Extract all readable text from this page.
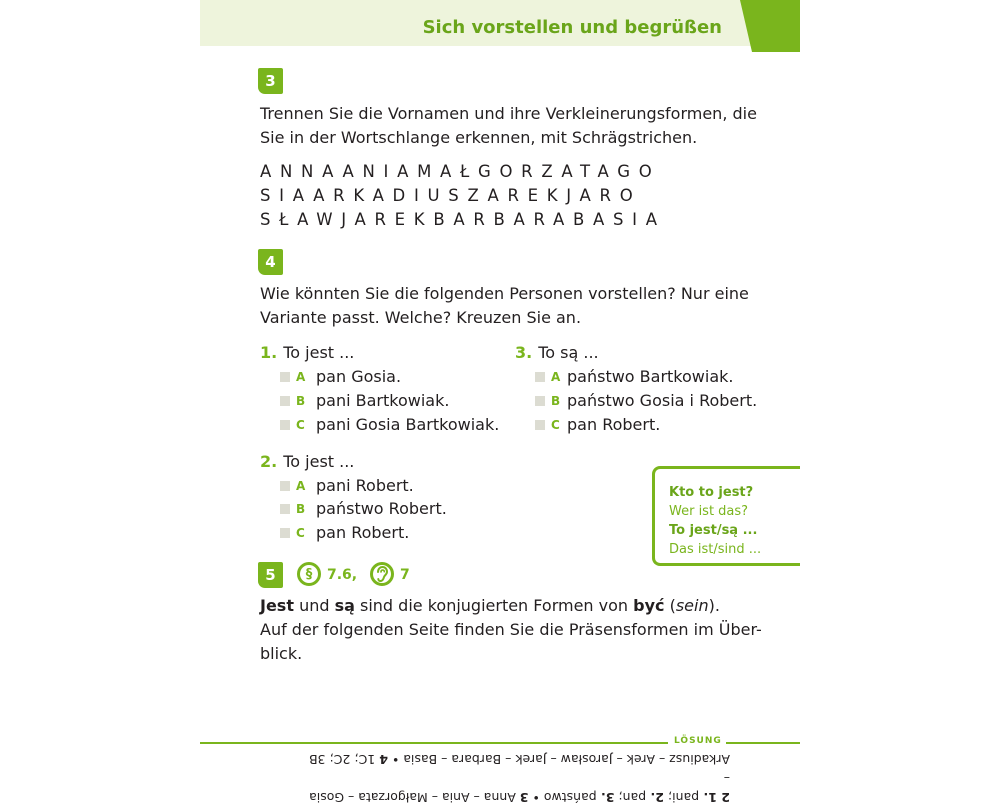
Sich vorstellen und begrüßen
3
Trennen Sie die Vornamen und ihre Verkleinerungsformen, die
Sie in der Wortschlange erkennen, mit Schrägstrichen.
ANNAANIAMAŁGORZATAGO
SIAARKADIUSZAREKJARO
SŁAWJAREKBARBARABASIA
4
Wie könnten Sie die folgenden Personen vorstellen? Nur eine
Variante passt. Welche? Kreuzen Sie an.
1. To jest ...
A pan Gosia.
B pani Bartkowiak.
C pani Gosia Bartkowiak.
2. To jest ...
A pani Robert.
B państwo Robert.
C pan Robert.
3. To są ...
A państwo Bartkowiak.
B państwo Gosia i Robert.
C pan Robert.
Kto to jest?
Wer ist das?
To jest/są ...
Das ist/sind ...
5	§	7.6,	7
Jest und są sind die konjugierten Formen von być (sein).
Auf der folgenden Seite finden Sie die Präsensformen im Über-
blick.
LÖSUNG
2 1. pani; 2. pan; 3. państwo • 3 Anna – Ania – Małgorzata – Gosia –
Arkadiusz – Arek – Jarosław – Jarek – Barbara – Basia • 4 1C; 2C; 3B
